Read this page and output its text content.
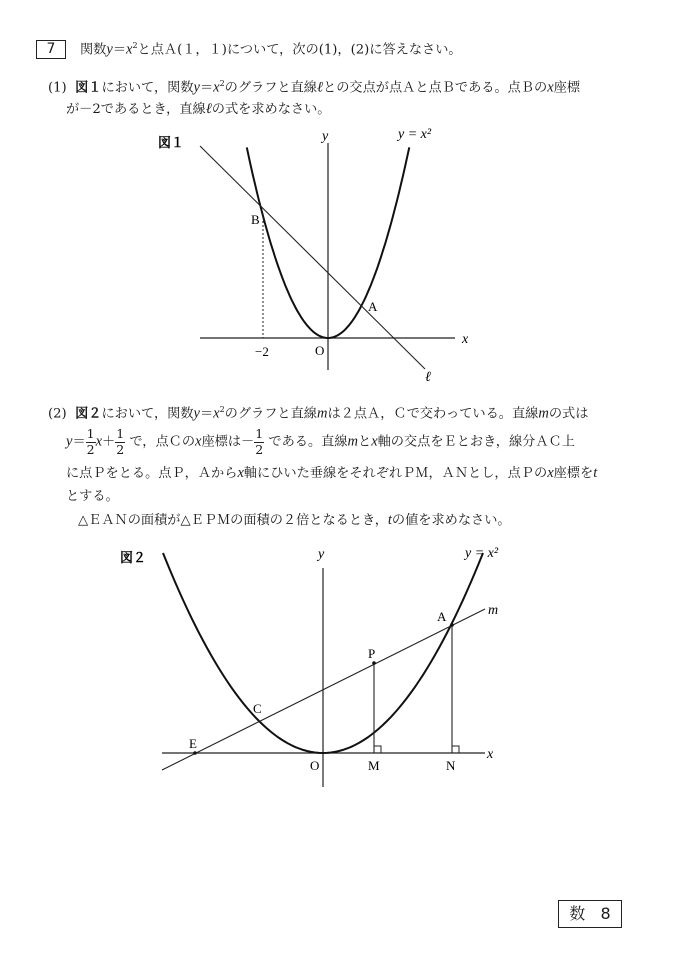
7	関数$y=x^2$と点Ａ(１，１)について，次の(1)，(2)に答えなさい。
(1) 図１において，関数$y=x^2$のグラフと直線ℓとの交点が点Ａと点Ｂである。点Ｂのx座標
が－2であるとき，直線ℓの式を求めなさい。
図１	y	y = x²
x
O
−2
B
A
ℓ
(2) 図２において，関数$y=x^2$のグラフと直線mは２点Ａ，Ｃで交わっている。直線mの式は
$y= \frac{1}{2} x+ \frac{1}{2}$ で，点Ｃのx座標は－ $\frac{1}{2}$ である。直線mとx軸の交点をＥとおき，線分ＡＣ上
に点Ｐをとる。点Ｐ，Ａからx軸にひいた垂線をそれぞれＰＭ，ＡＮとし，点Ｐのx座標をt
とする。
△ＥＡＮの面積が△ＥＰＭの面積の２倍となるとき，tの値を求めなさい。
図２	y	y = x²
x
O	M	N
E
C
P
A	m
数 8
